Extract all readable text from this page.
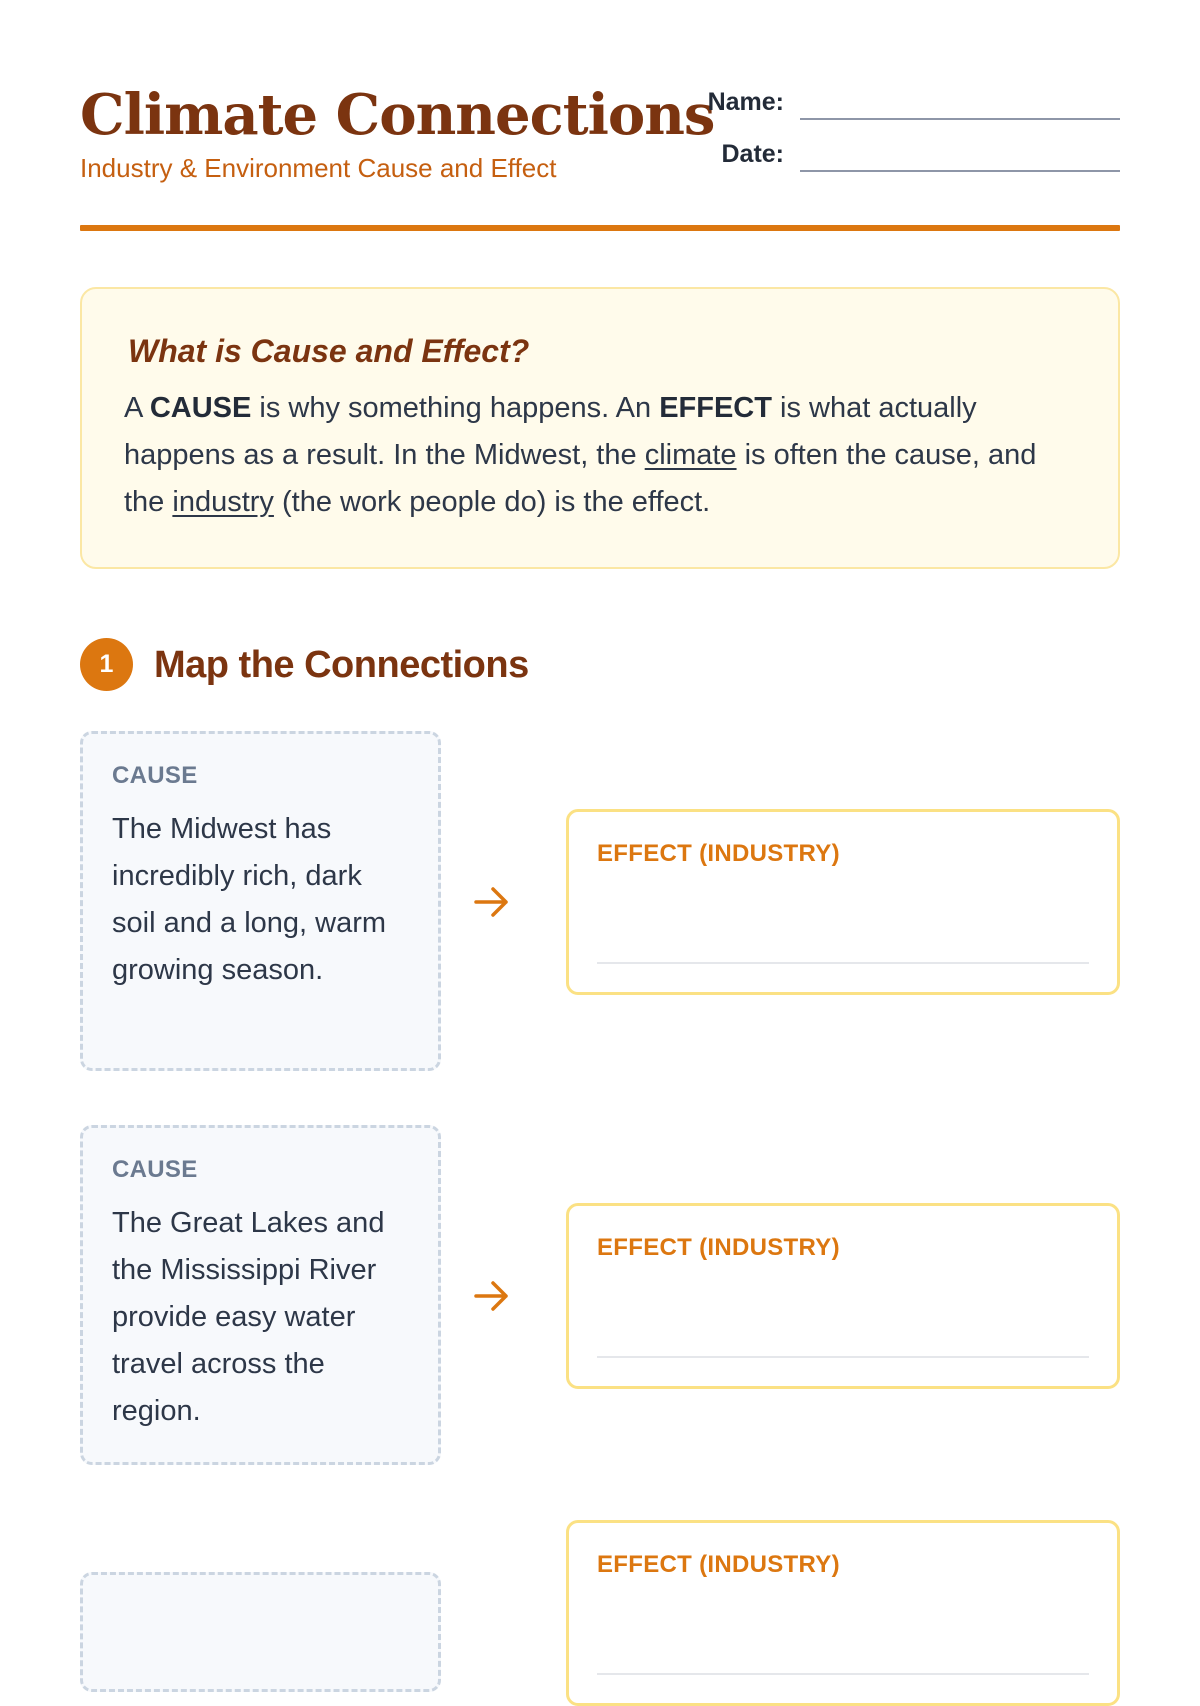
Climate Connections
Industry & Environment Cause and Effect
Name:
Date:
What is Cause and Effect?

A CAUSE is why something happens. An EFFECT is what actually happens as a result. In the Midwest, the climate is often the cause, and the industry (the work people do) is the effect.

1	Map the Connections
CAUSE
The Midwest has incredibly rich, dark soil and a long, warm growing season.
EFFECT (INDUSTRY)
CAUSE
The Great Lakes and the Mississippi River provide easy water travel across the region.
EFFECT (INDUSTRY)
EFFECT (INDUSTRY)
